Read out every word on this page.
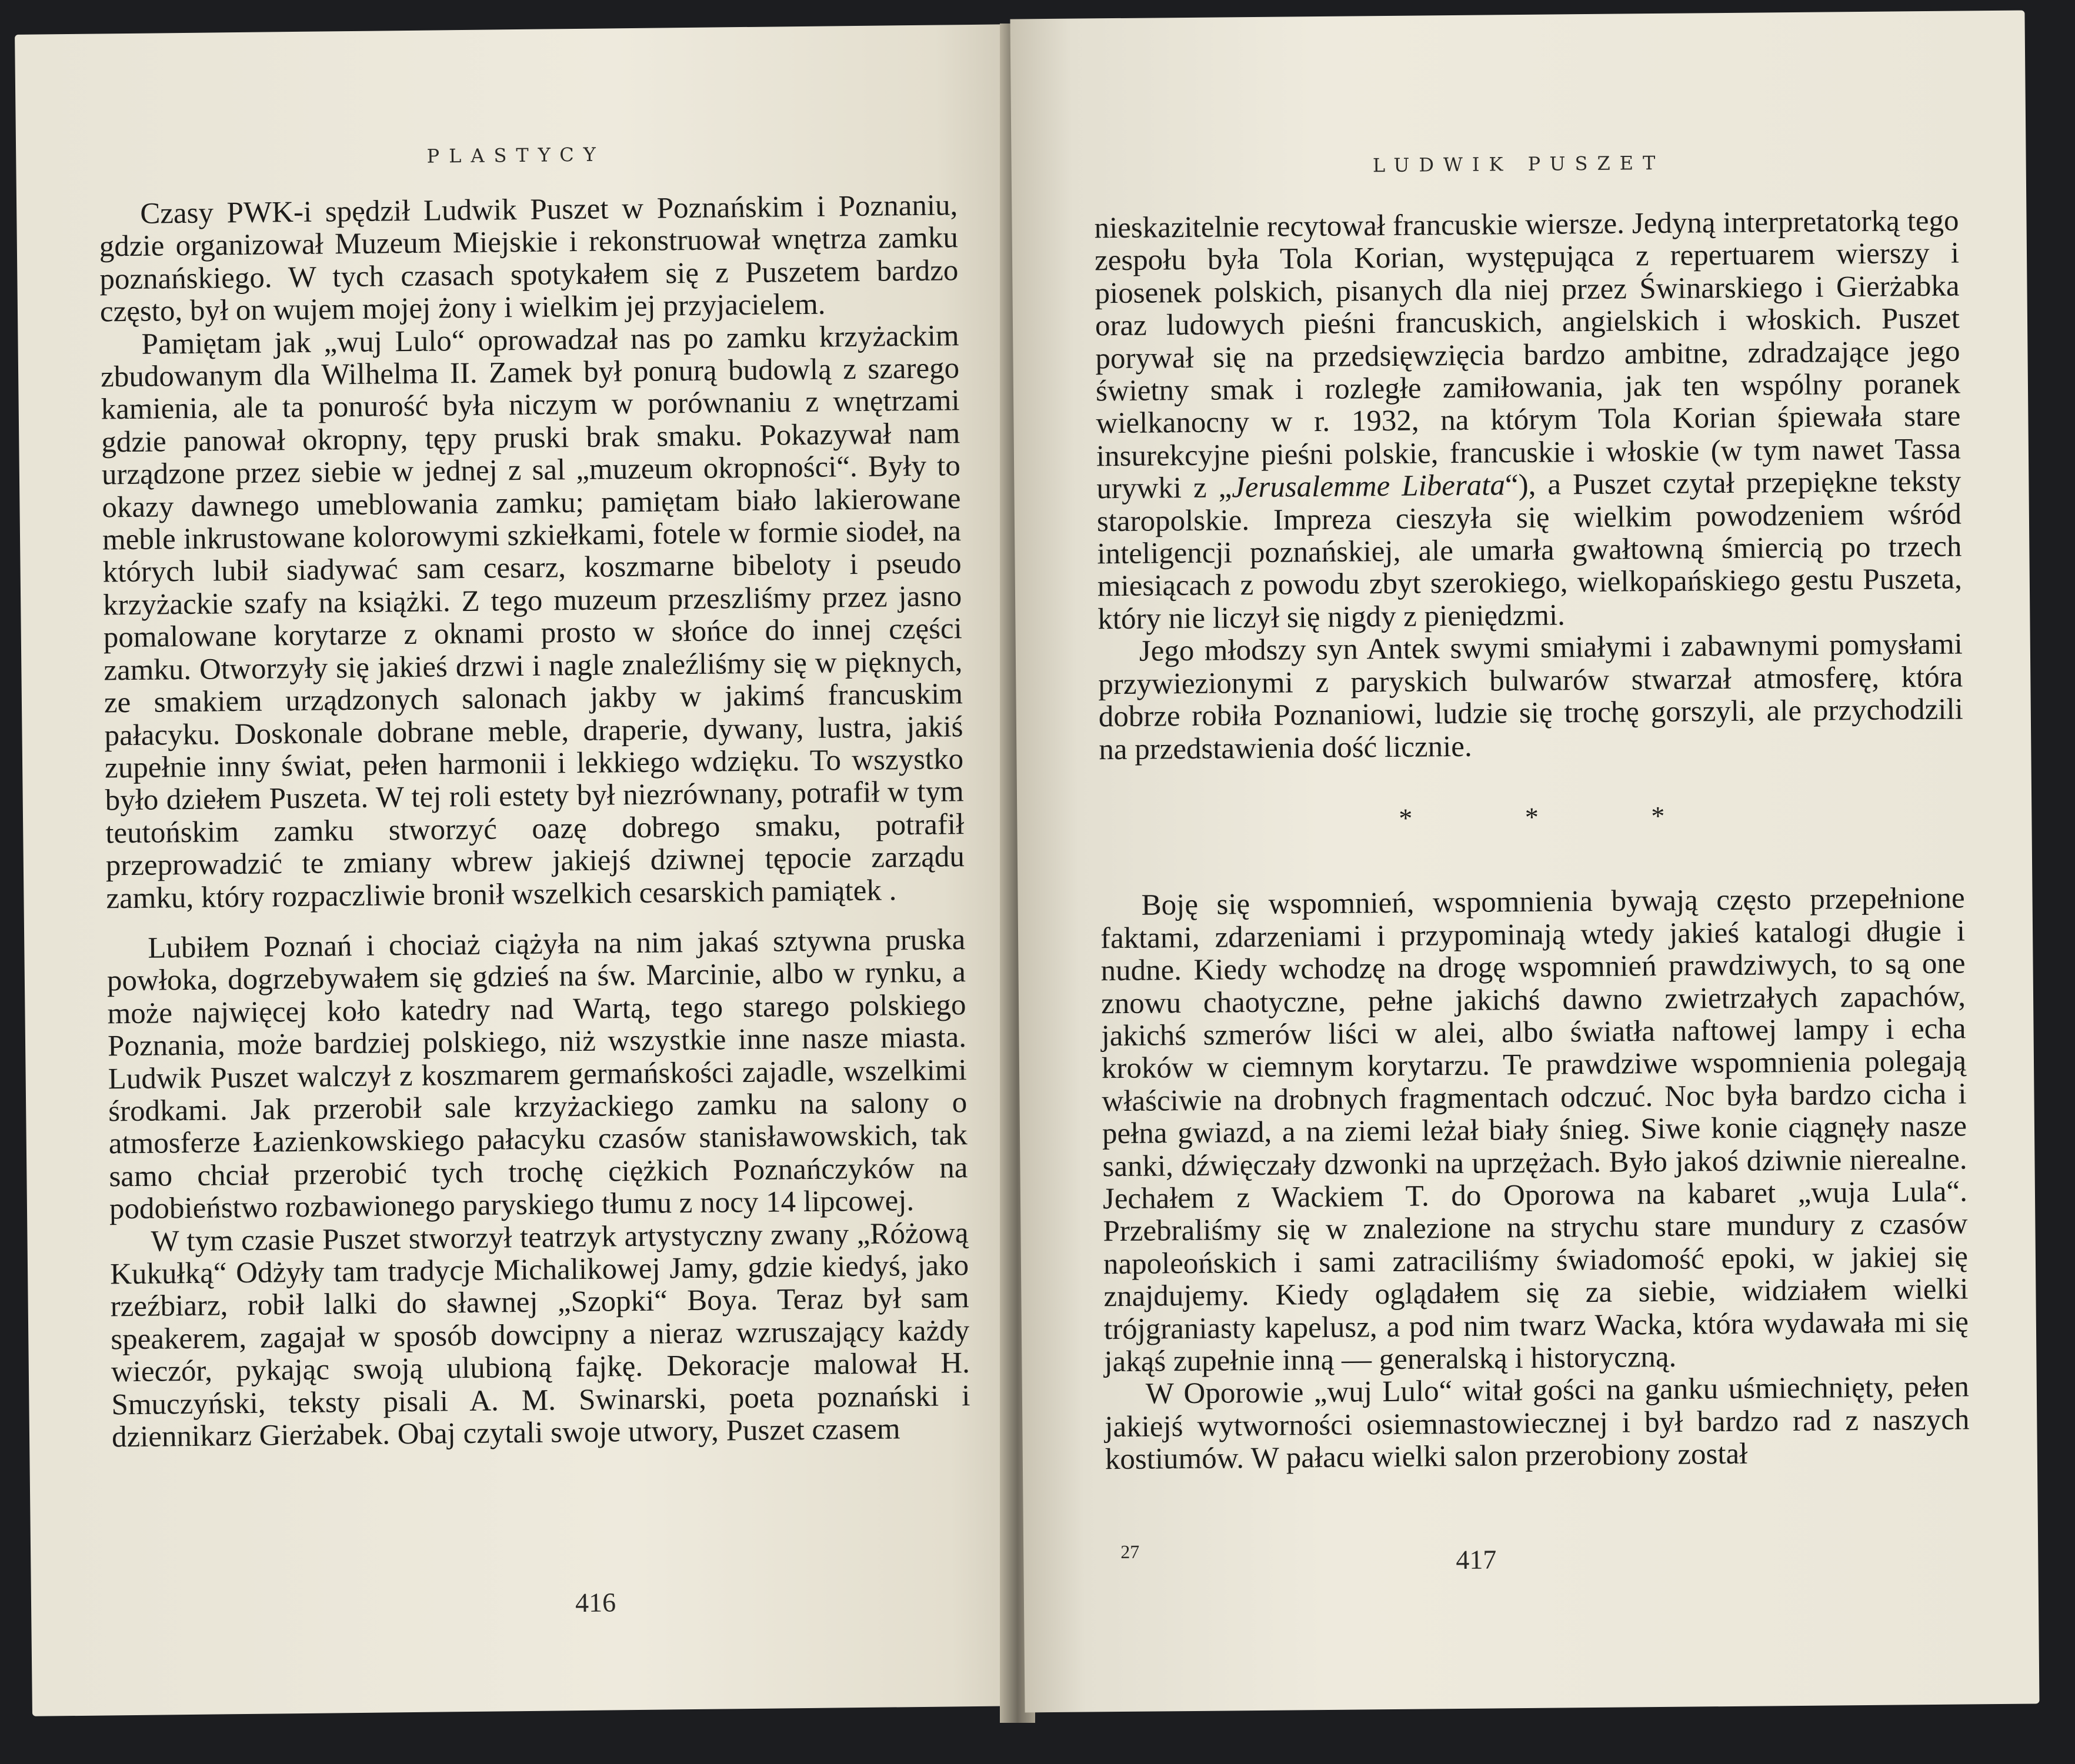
PLASTYCY

Czasy PWK-i spędził Ludwik Puszet w Poznańskim i Poznaniu, gdzie organizował Muzeum Miejskie i rekonstruował wnętrza zamku poznańskiego. W tych czasach spotykałem się z Puszetem bardzo często, był on wujem mojej żony i wielkim jej przyjacielem.

Pamiętam jak „wuj Lulo“ oprowadzał nas po zamku krzyżackim zbudowanym dla Wilhelma II. Zamek był ponurą budowlą z szarego kamienia, ale ta ponurość była niczym w porównaniu z wnętrzami gdzie panował okropny, tępy pruski brak smaku. Pokazywał nam urządzone przez siebie w jednej z sal „muzeum okropności“. Były to okazy dawnego umeblowania zamku; pamiętam biało lakierowane meble inkrustowane kolorowymi szkiełkami, fotele w formie siodeł, na których lubił siadywać sam cesarz, koszmarne bibeloty i pseudo krzyżackie szafy na książki. Z tego muzeum przeszliśmy przez jasno pomalowane korytarze z oknami prosto w słońce do innej części zamku. Otworzyły się jakieś drzwi i nagle znaleźliśmy się w pięknych, ze smakiem urządzonych salonach jakby w jakimś francuskim pałacyku. Doskonale dobrane meble, draperie, dywany, lustra, jakiś zupełnie inny świat, pełen harmonii i lekkiego wdzięku. To wszystko było dziełem Puszeta. W tej roli estety był niezrównany, potrafił w tym teutońskim zamku stworzyć oazę dobrego smaku, potrafił przeprowadzić te zmiany wbrew jakiejś dziwnej tępocie zarządu zamku, który rozpaczliwie bronił wszelkich cesarskich pamiątek .

Lubiłem Poznań i chociaż ciążyła na nim jakaś sztywna pruska powłoka, dogrzebywałem się gdzieś na św. Marcinie, albo w rynku, a może najwięcej koło katedry nad Wartą, tego starego polskiego Poznania, może bardziej polskiego, niż wszystkie inne nasze miasta. Ludwik Puszet walczył z koszmarem germańskości zajadle, wszelkimi środkami. Jak przerobił sale krzyżackiego zamku na salony o atmosferze Łazienkowskiego pałacyku czasów stanisławowskich, tak samo chciał przerobić tych trochę ciężkich Poznańczyków na podobieństwo rozbawionego paryskiego tłumu z nocy 14 lipcowej.

W tym czasie Puszet stworzył teatrzyk artystyczny zwany „Różową Kukułką“ Odżyły tam tradycje Michalikowej Jamy, gdzie kiedyś, jako rzeźbiarz, robił lalki do sławnej „Szopki“ Boya. Teraz był sam speakerem, zagajał w sposób dowcipny a nieraz wzruszający każdy wieczór, pykając swoją ulubioną fajkę. Dekoracje malował H. Smuczyński, teksty pisali A. M. Swinarski, poeta poznański i dziennikarz Gierżabek. Obaj czytali swoje utwory, Puszet czasem

416
LUDWIK PUSZET

nieskazitelnie recytował francuskie wiersze. Jedyną interpretatorką tego zespołu była Tola Korian, występująca z repertuarem wierszy i piosenek polskich, pisanych dla niej przez Świnarskiego i Gierżabka oraz ludowych pieśni francuskich, angielskich i włoskich. Puszet porywał się na przedsięwzięcia bardzo ambitne, zdradzające jego świetny smak i rozległe zamiłowania, jak ten wspólny poranek wielkanocny w r. 1932, na którym Tola Korian śpiewała stare insurekcyjne pieśni polskie, francuskie i włoskie (w tym nawet Tassa urywki z „Jerusalemme Liberata“), a Puszet czytał przepiękne teksty staropolskie. Impreza cieszyła się wielkim powodzeniem wśród inteligencji poznańskiej, ale umarła gwałtowną śmiercią po trzech miesiącach z powodu zbyt szerokiego, wielkopańskiego gestu Puszeta, który nie liczył się nigdy z pieniędzmi.

Jego młodszy syn Antek swymi smiałymi i zabawnymi pomysłami przywiezionymi z paryskich bulwarów stwarzał atmosferę, która dobrze robiła Poznaniowi, ludzie się trochę gorszyli, ale przychodzili na przedstawienia dość licznie.

* * *

Boję się wspomnień, wspomnienia bywają często przepełnione faktami, zdarzeniami i przypominają wtedy jakieś katalogi długie i nudne. Kiedy wchodzę na drogę wspomnień prawdziwych, to są one znowu chaotyczne, pełne jakichś dawno zwietrzałych zapachów, jakichś szmerów liści w alei, albo światła naftowej lampy i echa kroków w ciemnym korytarzu. Te prawdziwe wspomnienia polegają właściwie na drobnych fragmentach odczuć. Noc była bardzo cicha i pełna gwiazd, a na ziemi leżał biały śnieg. Siwe konie ciągnęły nasze sanki, dźwięczały dzwonki na uprzężach. Było jakoś dziwnie nierealne. Jechałem z Wackiem T. do Oporowa na kabaret „wuja Lula“. Przebraliśmy się w znalezione na strychu stare mundury z czasów napoleońskich i sami zatraciliśmy świadomość epoki, w jakiej się znajdujemy. Kiedy oglądałem się za siebie, widziałem wielki trójgraniasty kapelusz, a pod nim twarz Wacka, która wydawała mi się jakąś zupełnie inną — generalską i historyczną.

W Oporowie „wuj Lulo“ witał gości na ganku uśmiechnięty, pełen jakiejś wytworności osiemnastowiecznej i był bardzo rad z naszych kostiumów. W pałacu wielki salon przerobiony został

27	417
